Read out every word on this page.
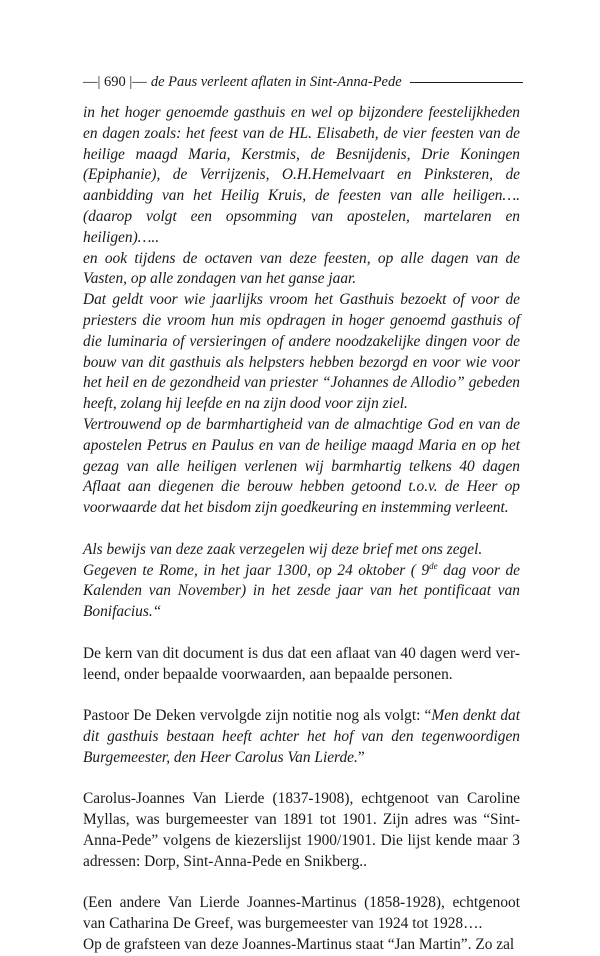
—| 690 |— de Paus verleent aflaten in Sint-Anna-Pede

in het hoger genoemde gasthuis en wel op bijzondere feestelijkheden en dagen zoals: het feest van de HL. Elisabeth, de vier feesten van de heilige maagd Maria, Kerstmis, de Besnijdenis, Drie Koningen (Epiphanie), de Verrijzenis, O.H.Hemelvaart en Pinksteren, de aanbidding van het Heilig Kruis, de feesten van alle heiligen…. (daarop volgt een opsomming van apostelen, martelaren en heiligen)…..

en ook tijdens de octaven van deze feesten, op alle dagen van de Vasten, op alle zondagen van het ganse jaar.

Dat geldt voor wie jaarlijks vroom het Gasthuis bezoekt of voor de priesters die vroom hun mis opdragen in hoger genoemd gasthuis of die luminaria of versieringen of andere noodzakelijke dingen voor de bouw van dit gasthuis als helpsters hebben bezorgd en voor wie voor het heil en de gezondheid van priester “Johannes de Allodio” gebeden heeft, zolang hij leefde en na zijn dood voor zijn ziel.

Vertrouwend op de barmhartigheid van de almachtige God en van de apostelen Petrus en Paulus en van de heilige maagd Maria en op het gezag van alle heiligen verlenen wij barmhartig telkens 40 dagen Aflaat aan diegenen die berouw hebben getoond t.o.v. de Heer op voorwaarde dat het bisdom zijn goedkeuring en instemming verleent.

Als bewijs van deze zaak verzegelen wij deze brief met ons zegel.

Gegeven te Rome, in het jaar 1300, op 24 oktober ( 9de dag voor de Kalenden van November) in het zesde jaar van het pontificaat van Bonifacius.“

De kern van dit document is dus dat een aflaat van 40 dagen werd ver-leend, onder bepaalde voorwaarden, aan bepaalde personen.

Pastoor De Deken vervolgde zijn notitie nog als volgt: “Men denkt dat dit gasthuis bestaan heeft achter het hof van den tegenwoordigen Burgemeester, den Heer Carolus Van Lierde.”

Carolus-Joannes Van Lierde (1837-1908), echtgenoot van Caroline Myllas, was burgemeester van 1891 tot 1901. Zijn adres was “Sint-Anna-Pede” volgens de kiezerslijst 1900/1901. Die lijst kende maar 3 adressen: Dorp, Sint-Anna-Pede en Snikberg..

(Een andere Van Lierde Joannes-Martinus (1858-1928), echtgenoot van Catharina De Greef, was burgemeester van 1924 tot 1928….

Op de grafsteen van deze Joannes-Martinus staat “Jan Martin”. Zo zal
